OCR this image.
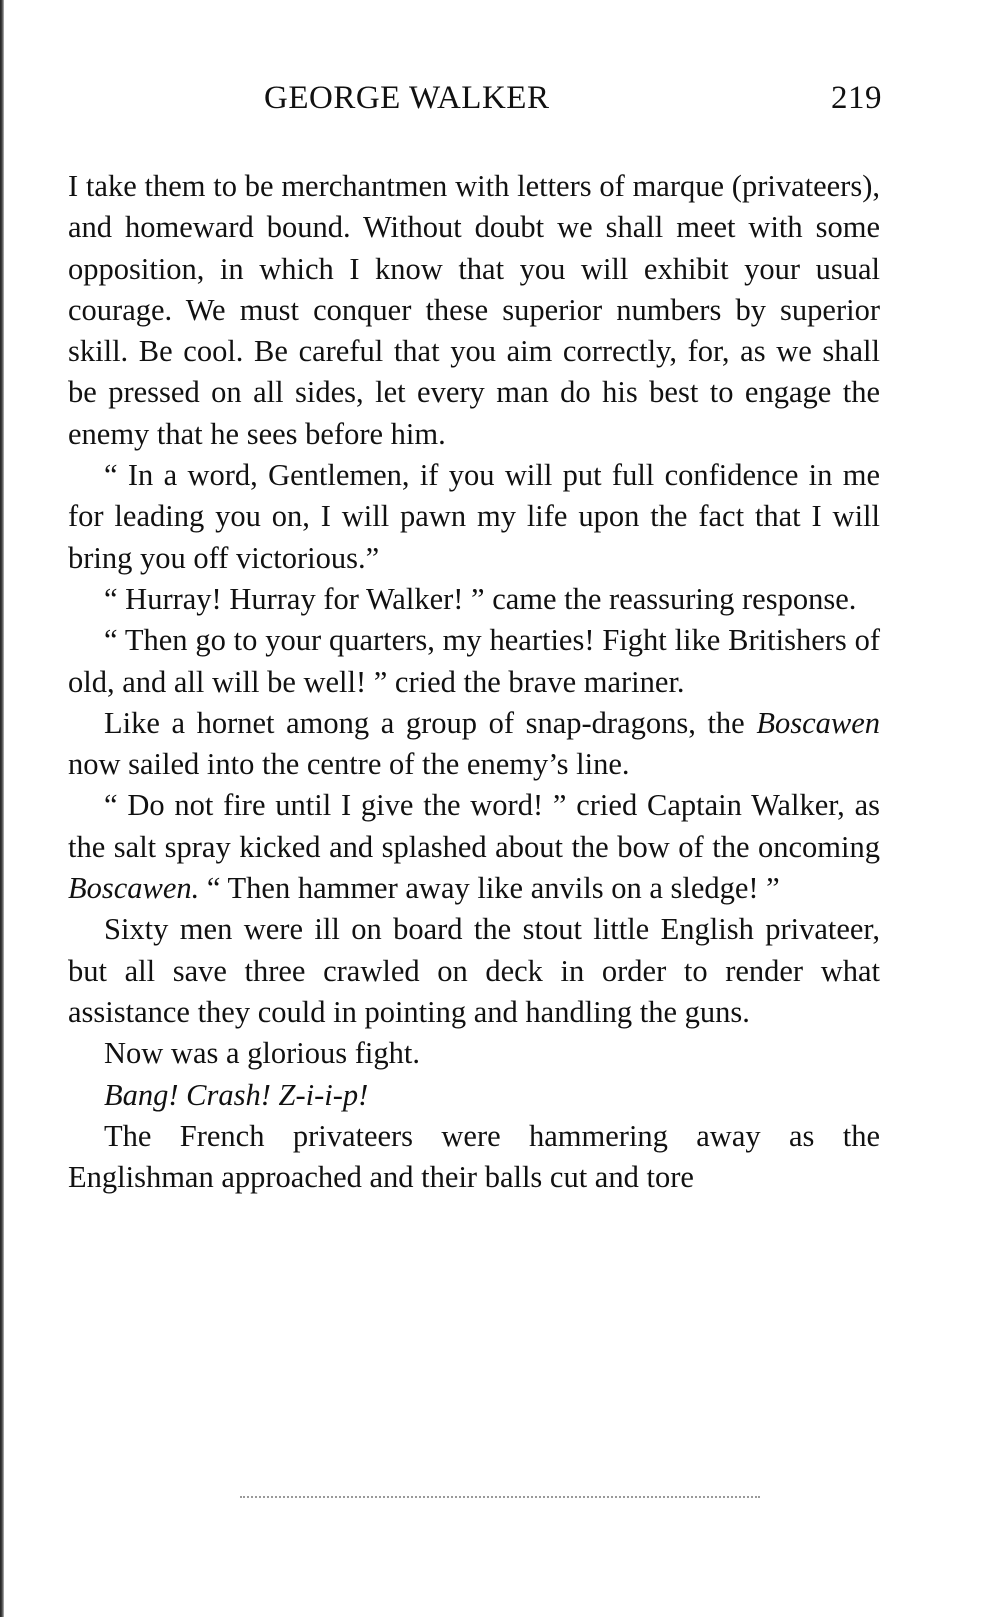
GEORGE WALKER	219

I take them to be merchantmen with letters of marque (privateers), and homeward bound. Without doubt we shall meet with some opposition, in which I know that you will exhibit your usual courage. We must conquer these superior numbers by superior skill. Be cool. Be careful that you aim correctly, for, as we shall be pressed on all sides, let every man do his best to engage the enemy that he sees before him.

“ In a word, Gentlemen, if you will put full confidence in me for leading you on, I will pawn my life upon the fact that I will bring you off victorious.”

“ Hurray! Hurray for Walker! ” came the reassuring response.

“ Then go to your quarters, my hearties! Fight like Britishers of old, and all will be well! ” cried the brave mariner.

Like a hornet among a group of snap-dragons, the Boscawen now sailed into the centre of the enemy’s line.

“ Do not fire until I give the word! ” cried Captain Walker, as the salt spray kicked and splashed about the bow of the oncoming Boscawen. “ Then hammer away like anvils on a sledge! ”

Sixty men were ill on board the stout little English privateer, but all save three crawled on deck in order to render what assistance they could in pointing and handling the guns.

Now was a glorious fight.

Bang! Crash! Z-i-i-p!

The French privateers were hammering away as the Englishman approached and their balls cut and tore
